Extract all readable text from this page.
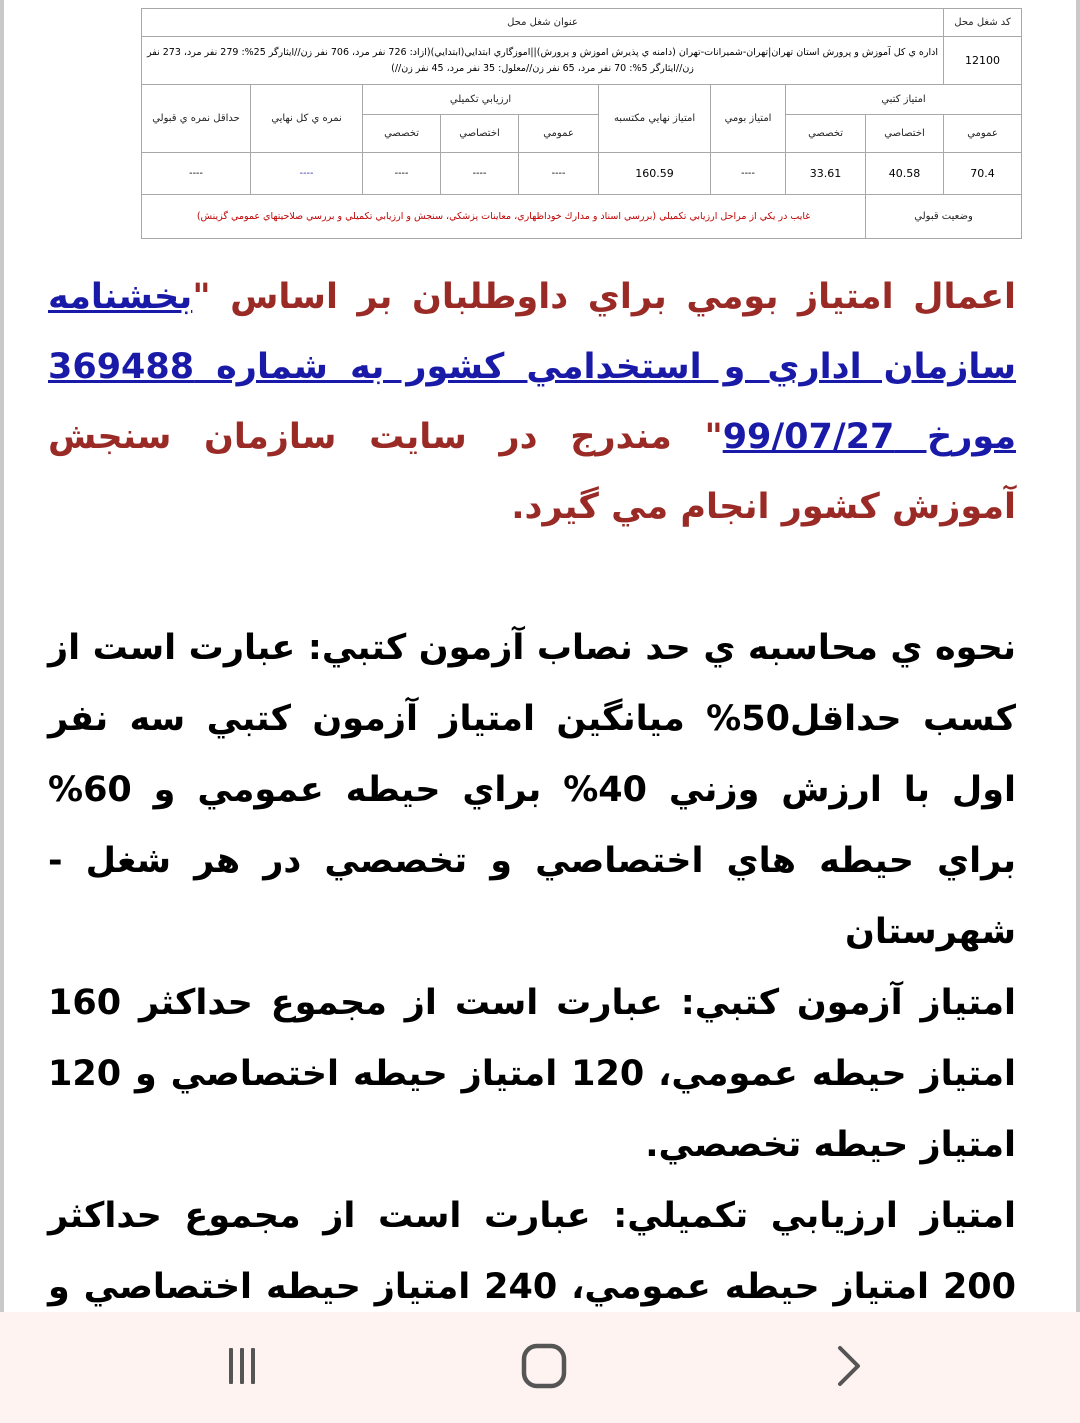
کد شغل محل	عنوان شغل محل								
12100	اداره ي كل آموزش و پرورش استان تهران|تهران-شميرانات-تهران (دامنه ي پذيرش اموزش و پرورش)||اموزگاري ابتدايي(ابتدايي)(ازاد: 726 نفر مرد، 706 نفر زن//ايثارگر 25%: 279 نفر مرد، 273 نفر زن//ايثارگر 5%: 70 نفر مرد، 65 نفر زن//معلول: 35 نفر مرد، 45 نفر زن//)								
امتياز كتبي			امتياز بومي	امتياز نهايي مكتسبه	ارزيابي تكميلي			نمره ي كل نهايي	حداقل نمره ي قبولي
عمومي	اختصاصي	تخصصي			عمومي	اختصاصي	تخصصي		
70.4	40.58	33.61	----	160.59	----	----	----	----	----
وضعيت قبولي		غايب در يكي از مراحل ارزيابي تكميلي (بررسي اسناد و مدارك خوداظهاري، معاينات پزشكي، سنجش و ارزيابي تكميلي و بررسي صلاحيتهاي عمومي گزينش)							
اعمال امتياز بومي براي داوطلبان بر اساس "بخشنامه سازمان اداري و استخدامي كشور به شماره 369488 مورخ 99/07/27" مندرج در سايت سازمان سنجش آموزش كشور انجام مي گيرد.

نحوه ي محاسبه ي حد نصاب آزمون كتبي: عبارت است از كسب حداقل50% ميانگين امتياز آزمون كتبي سه نفر اول با ارزش وزني 40% براي حيطه عمومي و 60% براي حيطه هاي اختصاصي و تخصصي در هر شغل - شهرستان

امتياز آزمون كتبي: عبارت است از مجموع حداكثر 160 امتياز حيطه عمومي، 120 امتياز حيطه اختصاصي و 120 امتياز حيطه تخصصي.

امتياز ارزيابي تكميلي: عبارت است از مجموع حداكثر 200 امتياز حيطه عمومي، 240 امتياز حيطه اختصاصي و
